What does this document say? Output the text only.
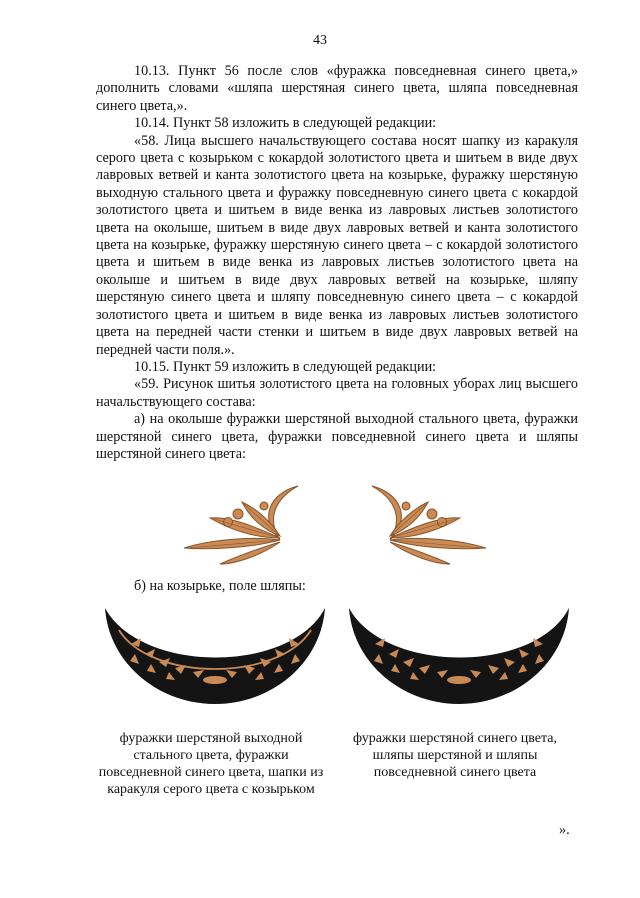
43

10.13. Пункт 56 после слов «фуражка повседневная синего цвета,» дополнить словами «шляпа шерстяная синего цвета, шляпа повседневная синего цвета,».

10.14. Пункт 58 изложить в следующей редакции:

«58. Лица высшего начальствующего состава носят шапку из каракуля серого цвета с козырьком с кокардой золотистого цвета и шитьем в виде двух лавровых ветвей и канта золотистого цвета на козырьке, фуражку шерстяную выходную стального цвета и фуражку повседневную синего цвета с кокардой золотистого цвета и шитьем в виде венка из лавровых листьев золотистого цвета на околыше, шитьем в виде двух лавровых ветвей и канта золотистого цвета на козырьке, фуражку шерстяную синего цвета – с кокардой золотистого цвета и шитьем в виде венка из лавровых листьев золотистого цвета на околыше и шитьем в виде двух лавровых ветвей на козырьке, шляпу шерстяную синего цвета и шляпу повседневную синего цвета – с кокардой золотистого цвета и шитьем в виде венка из лавровых листьев золотистого цвета на передней части стенки и шитьем в виде двух лавровых ветвей на передней части поля.».

10.15. Пункт 59 изложить в следующей редакции:

«59. Рисунок шитья золотистого цвета на головных уборах лиц высшего начальствующего состава:

а) на околыше фуражки шерстяной выходной стального цвета, фуражки шерстяной синего цвета, фуражки повседневной синего цвета и шляпы шерстяной синего цвета:

б) на козырьке, поле шляпы:
фуражки шерстяной выходной стального цвета, фуражки повседневной синего цвета, шапки из каракуля серого цвета с козырьком
фуражки шерстяной синего цвета, шляпы шерстяной и шляпы повседневной синего цвета
».
